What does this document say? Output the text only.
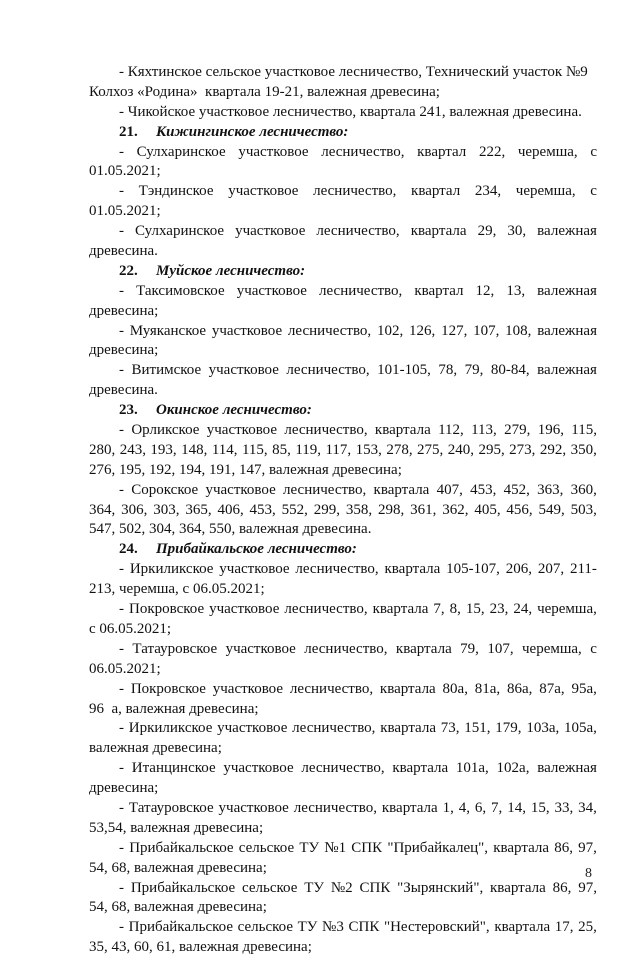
- Кяхтинское сельское участковое лесничество, Технический участок №9
Колхоз «Родина»  квартала 19-21, валежная древесина;
- Чикойское участковое лесничество, квартала 241, валежная древесина.
21.	Кижингинское лесничество:
- Сулхаринское участковое лесничество, квартал 222, черемша, с
01.05.2021;
- Тэндинское участковое лесничество, квартал 234, черемша, с
01.05.2021;
- Сулхаринское участковое лесничество, квартала 29, 30, валежная
древесина.
22.	Муйское лесничество:
- Таксимовское участковое лесничество, квартал 12, 13, валежная
древесина;
- Муяканское участковое лесничество, 102, 126, 127, 107, 108, валежная
древесина;
- Витимское участковое лесничество, 101-105, 78, 79, 80-84, валежная
древесина.
23.	Окинское лесничество:
- Орликское участковое лесничество, квартала 112, 113, 279, 196, 115,
280, 243, 193, 148, 114, 115, 85, 119, 117, 153, 278, 275, 240, 295, 273, 292, 350,
276, 195, 192, 194, 191, 147, валежная древесина;
- Сорокское участковое лесничество, квартала 407, 453, 452, 363, 360,
364, 306, 303, 365, 406, 453, 552, 299, 358, 298, 361, 362, 405, 456, 549, 503,
547, 502, 304, 364, 550, валежная древесина.
24.	Прибайкальское лесничество:
- Иркиликское участковое лесничество, квартала 105-107, 206, 207, 211-
213, черемша, с 06.05.2021;
- Покровское участковое лесничество, квартала 7, 8, 15, 23, 24, черемша,
с 06.05.2021;
- Татауровское участковое лесничество, квартала 79, 107, черемша, с
06.05.2021;
- Покровское участковое лесничество, квартала 80а, 81а, 86а, 87а, 95а,
96  а, валежная древесина;
- Иркиликское участковое лесничество, квартала 73, 151, 179, 103а, 105а,
валежная древесина;
- Итанцинское участковое лесничество, квартала 101а, 102а, валежная
древесина;
- Татауровское участковое лесничество, квартала 1, 4, 6, 7, 14, 15, 33, 34,
53,54, валежная древесина;
- Прибайкальское сельское ТУ №1 СПК "Прибайкалец", квартала 86, 97,
54, 68, валежная древесина;
- Прибайкальское сельское ТУ №2 СПК "Зырянский", квартала 86, 97,
54, 68, валежная древесина;
- Прибайкальское сельское ТУ №3 СПК "Нестеровский", квартала 17, 25,
35, 43, 60, 61, валежная древесина;
8
